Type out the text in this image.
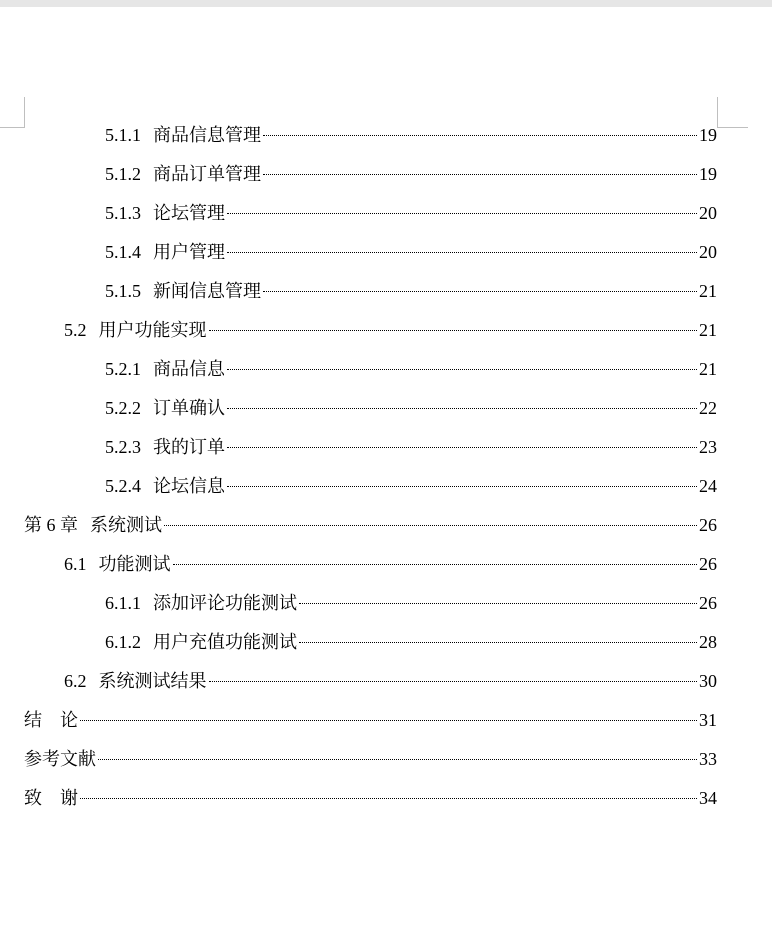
5.1.1 商品信息管理	19
5.1.2 商品订单管理	19
5.1.3 论坛管理	20
5.1.4 用户管理	20
5.1.5 新闻信息管理	21
5.2 用户功能实现	21
5.2.1 商品信息	21
5.2.2 订单确认	22
5.2.3 我的订单	23
5.2.4 论坛信息	24
第 6 章 系统测试	26
6.1 功能测试	26
6.1.1 添加评论功能测试	26
6.1.2 用户充值功能测试	28
6.2 系统测试结果	30
结　论	31
参考文献	33
致　谢	34
